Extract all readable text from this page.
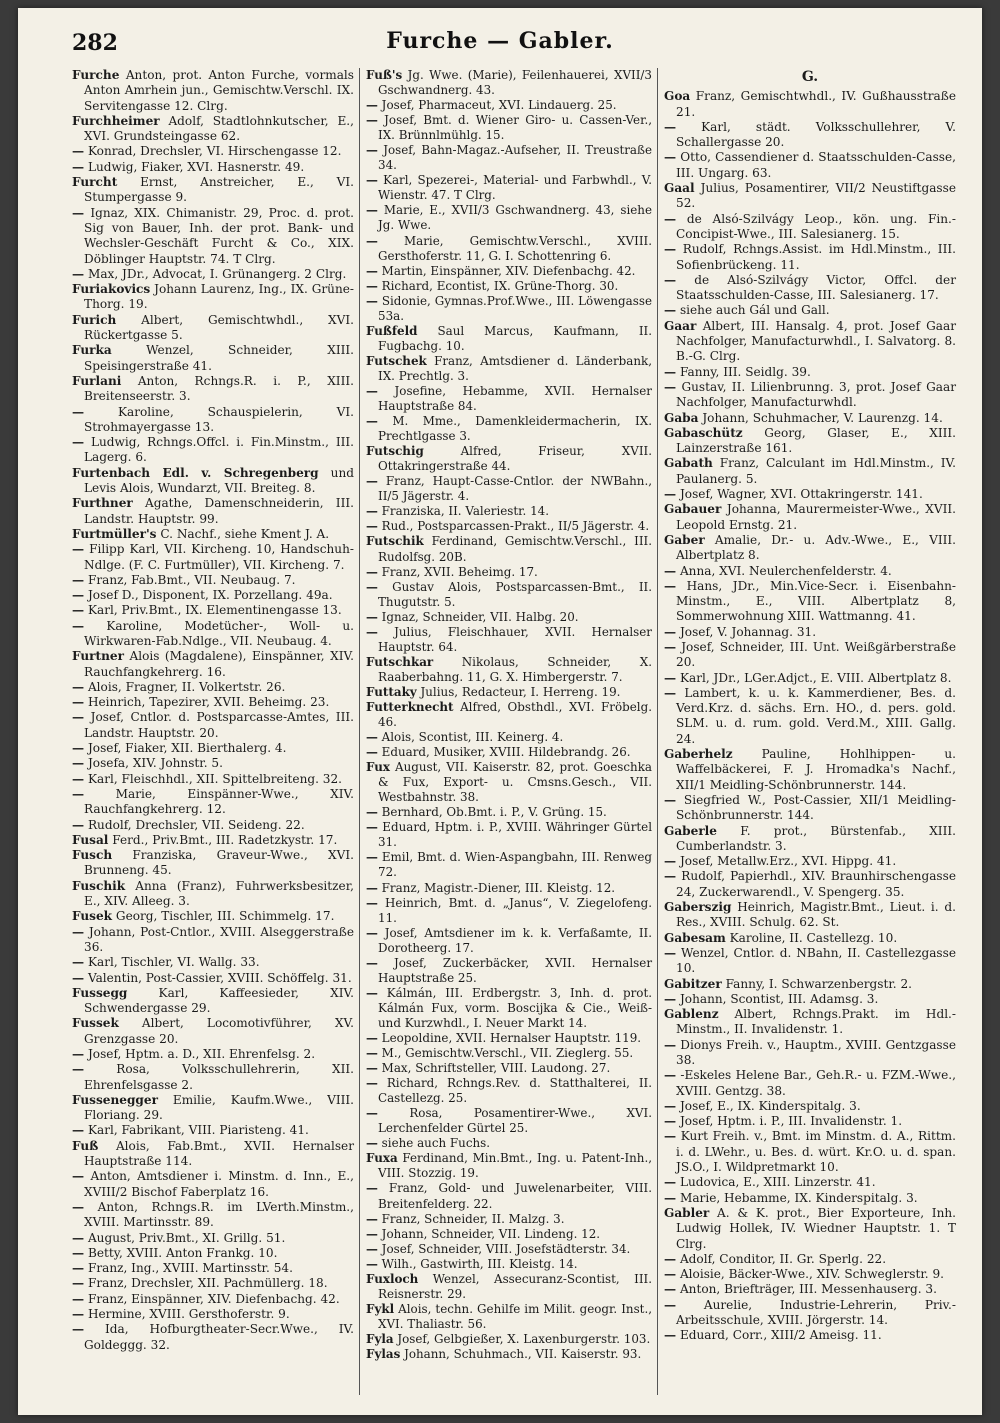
282	Furche — Gabler.

Furche Anton, prot. Anton Furche, vormals Anton Amrhein jun., Gemischtw.Verschl. IX. Servitengasse 12. Clrg.

Furchheimer Adolf, Stadtlohnkutscher, E., XVI. Grundsteingasse 62.

— Konrad, Drechsler, VI. Hirschengasse 12.

— Ludwig, Fiaker, XVI. Hasnerstr. 49.

Furcht Ernst, Anstreicher, E., VI. Stumpergasse 9.

— Ignaz, XIX. Chimanistr. 29, Proc. d. prot. Sig von Bauer, Inh. der prot. Bank- und Wechsler-Geschäft Furcht & Co., XIX. Döblinger Hauptstr. 74. T Clrg.

— Max, JDr., Advocat, I. Grünangerg. 2 Clrg.

Furiakovics Johann Laurenz, Ing., IX. Grüne-Thorg. 19.

Furich Albert, Gemischtwhdl., XVI. Rückertgasse 5.

Furka	Wenzel, Schneider, XIII. Speisingerstraße 41.

Furlani Anton, Rchngs.R. i. P., XIII. Breitenseerstr. 3.

—	Karoline, Schauspielerin, VI. Strohmayergasse 13.

— Ludwig, Rchngs.Offcl. i. Fin.Minstm., III. Lagerg. 6.

Furtenbach Edl. v. Schregenberg und Levis Alois, Wundarzt, VII. Breiteg. 8.

Furthner Agathe, Damenschneiderin, III. Landstr. Hauptstr. 99.

Furtmüller's C. Nachf., siehe Kment J. A.

— Filipp Karl, VII. Kircheng. 10, Handschuh-Ndlge. (F. C. Furtmüller), VII. Kircheng. 7.

— Franz, Fab.Bmt., VII. Neubaug. 7.

— Josef D., Disponent, IX. Porzellang. 49a.

— Karl, Priv.Bmt., IX. Elementinengasse 13.

— Karoline, Modetücher-, Woll- u. Wirkwaren-Fab.Ndlge., VII. Neubaug. 4.

Furtner Alois (Magdalene), Einspänner, XIV. Rauchfangkehrerg. 16.

— Alois, Fragner, II. Volkertstr. 26.

— Heinrich, Tapezirer, XVII. Beheimg. 23.

— Josef, Cntlor. d. Postsparcasse-Amtes, III. Landstr. Hauptstr. 20.

— Josef, Fiaker, XII. Bierthalerg. 4.

— Josefa, XIV. Johnstr. 5.

— Karl, Fleischhdl., XII. Spittelbreiteng. 32.

—	Marie, Einspänner-Wwe., XIV. Rauchfangkehrerg. 12.

— Rudolf, Drechsler, VII. Seideng. 22.

Fusal Ferd., Priv.Bmt., III. Radetzkystr. 17.

Fusch Franziska, Graveur-Wwe., XVI. Brunneng. 45.

Fuschik Anna (Franz), Fuhrwerksbesitzer, E., XIV. Alleeg. 3.

Fusek Georg, Tischler, III. Schimmelg. 17.

— Johann, Post-Cntlor., XVIII. Alseggerstraße 36.

— Karl, Tischler, VI. Wallg. 33.

— Valentin, Post-Cassier, XVIII. Schöffelg. 31.

Fussegg	Karl, Kaffeesieder, XIV. Schwendergasse 29.

Fussek Albert, Locomotivführer, XV. Grenzgasse 20.

— Josef, Hptm. a. D., XII. Ehrenfelsg. 2.

—	Rosa, Volksschullehrerin, XII. Ehrenfelsgasse 2.

Fussenegger Emilie, Kaufm.Wwe., VIII. Floriang. 29.

— Karl, Fabrikant, VIII. Piaristeng. 41.

Fuß Alois, Fab.Bmt., XVII. Hernalser Hauptstraße 114.

— Anton, Amtsdiener i. Minstm. d. Inn., E., XVIII/2 Bischof Faberplatz 16.

— Anton, Rchngs.R. im LVerth.Minstm., XVIII. Martinsstr. 89.

— August, Priv.Bmt., XI. Grillg. 51.

— Betty, XVIII. Anton Frankg. 10.

— Franz, Ing., XVIII. Martinsstr. 54.

— Franz, Drechsler, XII. Pachmüllerg. 18.

— Franz, Einspänner, XIV. Diefenbachg. 42.

— Hermine, XVIII. Gersthoferstr. 9.

— Ida, Hofburgtheater-Secr.Wwe., IV. Goldeggg. 32.

Fuß's Jg. Wwe. (Marie), Feilenhauerei, XVII/3 Gschwandnerg. 43.

— Josef, Pharmaceut, XVI. Lindauerg. 25.

— Josef, Bmt. d. Wiener Giro- u. Cassen-Ver., IX. Brünnlmühlg. 15.

— Josef, Bahn-Magaz.-Aufseher, II. Treustraße 34.

— Karl, Spezerei-, Material- und Farbwhdl., V. Wienstr. 47. T Clrg.

— Marie, E., XVII/3 Gschwandnerg. 43, siehe Jg. Wwe.

— Marie, Gemischtw.Verschl., XVIII. Gersthoferstr. 11, G. I. Schottenring 6.

— Martin, Einspänner, XIV. Diefenbachg. 42.

— Richard, Econtist, IX. Grüne-Thorg. 30.

— Sidonie, Gymnas.Prof.Wwe., III. Löwengasse 53a.

Fußfeld Saul Marcus, Kaufmann, II. Fugbachg. 10.

Futschek Franz, Amtsdiener d. Länderbank, IX. Prechtlg. 3.

— Josefine, Hebamme, XVII. Hernalser Hauptstraße 84.

— M. Mme., Damenkleidermacherin, IX. Prechtlgasse 3.

Futschig	Alfred, Friseur, XVII. Ottakringerstraße 44.

— Franz, Haupt-Casse-Cntlor. der NWBahn., II/5 Jägerstr. 4.

— Franziska, II. Valeriestr. 14.

— Rud., Postsparcassen-Prakt., II/5 Jägerstr. 4.

Futschik Ferdinand, Gemischtw.Verschl., III. Rudolfsg. 20B.

— Franz, XVII. Beheimg. 17.

— Gustav Alois, Postsparcassen-Bmt., II. Thugutstr. 5.

— Ignaz, Schneider, VII. Halbg. 20.

— Julius, Fleischhauer, XVII. Hernalser Hauptstr. 64.

Futschkar Nikolaus, Schneider, X. Raaberbahng. 11, G. X. Himbergerstr. 7.

Futtaky Julius, Redacteur, I. Herreng. 19.

Futterknecht Alfred, Obsthdl., XVI. Fröbelg. 46.

— Alois, Scontist, III. Keinerg. 4.

— Eduard, Musiker, XVIII. Hildebrandg. 26.

Fux August, VII. Kaiserstr. 82, prot. Goeschka & Fux, Export- u. Cmsns.Gesch., VII. Westbahnstr. 38.

— Bernhard, Ob.Bmt. i. P., V. Grüng. 15.

— Eduard, Hptm. i. P., XVIII. Währinger Gürtel 31.

— Emil, Bmt. d. Wien-Aspangbahn, III. Renweg 72.

— Franz, Magistr.-Diener, III. Kleistg. 12.

— Heinrich, Bmt. d. „Janus“, V. Ziegelofeng. 11.

— Josef, Amtsdiener im k. k. Verfaßamte, II. Dorotheerg. 17.

— Josef, Zuckerbäcker, XVII. Hernalser Hauptstraße 25.

— Kálmán, III. Erdbergstr. 3, Inh. d. prot. Kálmán Fux, vorm. Boscijka & Cie., Weiß- und Kurzwhdl., I. Neuer Markt 14.

— Leopoldine, XVII. Hernalser Hauptstr. 119.

— M., Gemischtw.Verschl., VII. Zieglerg. 55.

— Max, Schriftsteller, VIII. Laudong. 27.

— Richard, Rchngs.Rev. d. Statthalterei, II. Castellezg. 25.

—	Rosa, Posamentirer-Wwe., XVI. Lerchenfelder Gürtel 25.

— siehe auch Fuchs.

Fuxa Ferdinand, Min.Bmt., Ing. u. Patent-Inh., VIII. Stozzig. 19.

— Franz, Gold- und Juwelenarbeiter, VIII. Breitenfelderg. 22.

— Franz, Schneider, II. Malzg. 3.

— Johann, Schneider, VII. Lindeng. 12.

— Josef, Schneider, VIII. Josefstädterstr. 34.

— Wilh., Gastwirth, III. Kleistg. 14.

Fuxloch Wenzel, Assecuranz-Scontist, III. Reisnerstr. 29.

Fykl Alois, techn. Gehilfe im Milit. geogr. Inst., XVI. Thaliastr. 56.

Fyla Josef, Gelbgießer, X. Laxenburgerstr. 103.

Fylas Johann, Schuhmach., VII. Kaiserstr. 93.

G.

Goa Franz, Gemischtwhdl., IV. Gußhausstraße 21.

— Karl, städt. Volksschullehrer, V. Schallergasse 20.

— Otto, Cassendiener d. Staatsschulden-Casse, III. Ungarg. 63.

Gaal Julius, Posamentirer, VII/2 Neustiftgasse 52.

— de Alsó-Szilvágy Leop., kön. ung. Fin.-Concipist-Wwe., III. Salesianerg. 15.

— Rudolf, Rchngs.Assist. im Hdl.Minstm., III. Sofienbrückeng. 11.

— de Alsó-Szilvágy Victor, Offcl. der Staatsschulden-Casse, III. Salesianerg. 17.

— siehe auch Gál und Gall.

Gaar Albert, III. Hansalg. 4, prot. Josef Gaar Nachfolger, Manufacturwhdl., I. Salvatorg. 8. B.-G. Clrg.

— Fanny, III. Seidlg. 39.

— Gustav, II. Lilienbrunng. 3, prot. Josef Gaar Nachfolger, Manufacturwhdl.

Gaba Johann, Schuhmacher, V. Laurenzg. 14.

Gabaschütz Georg, Glaser, E., XIII. Lainzerstraße 161.

Gabath Franz, Calculant im Hdl.Minstm., IV. Paulanerg. 5.

— Josef, Wagner, XVI. Ottakringerstr. 141.

Gabauer Johanna, Maurermeister-Wwe., XVII. Leopold Ernstg. 21.

Gaber Amalie, Dr.- u. Adv.-Wwe., E., VIII. Albertplatz 8.

— Anna, XVI. Neulerchenfelderstr. 4.

— Hans, JDr., Min.Vice-Secr. i. Eisenbahn-Minstm., E., VIII. Albertplatz 8, Sommerwohnung XIII. Wattmanng. 41.

— Josef, V. Johannag. 31.

— Josef, Schneider, III. Unt. Weißgärberstraße 20.

— Karl, JDr., LGer.Adjct., E. VIII. Albertplatz 8.

— Lambert, k. u. k. Kammerdiener, Bes. d. Verd.Krz. d. sächs. Ern. HO., d. pers. gold. SLM. u. d. rum. gold. Verd.M., XIII. Gallg. 24.

Gaberhelz Pauline, Hohlhippen- u. Waffelbäckerei, F. J. Hromadka's Nachf., XII/1 Meidling-Schönbrunnerstr. 144.

— Siegfried W., Post-Cassier, XII/1 Meidling-Schönbrunnerstr. 144.

Gaberle F. prot., Bürstenfab., XIII. Cumberlandstr. 3.

— Josef, Metallw.Erz., XVI. Hippg. 41.

— Rudolf, Papierhdl., XIV. Braunhirschengasse 24, Zuckerwarendl., V. Spengerg. 35.

Gaberszig Heinrich, Magistr.Bmt., Lieut. i. d. Res., XVIII. Schulg. 62. St.

Gabesam Karoline, II. Castellezg. 10.

— Wenzel, Cntlor. d. NBahn, II. Castellezgasse 10.

Gabitzer Fanny, I. Schwarzenbergstr. 2.

— Johann, Scontist, III. Adamsg. 3.

Gablenz Albert, Rchngs.Prakt. im Hdl.-Minstm., II. Invalidenstr. 1.

— Dionys Freih. v., Hauptm., XVIII. Gentzgasse 38.

— -Eskeles Helene Bar., Geh.R.- u. FZM.-Wwe., XVIII. Gentzg. 38.

— Josef, E., IX. Kinderspitalg. 3.

— Josef, Hptm. i. P., III. Invalidenstr. 1.

— Kurt Freih. v., Bmt. im Minstm. d. A., Rittm. i. d. LWehr., u. Bes. d. würt. Kr.O. u. d. span. JS.O., I. Wildpretmarkt 10.

— Ludovica, E., XIII. Linzerstr. 41.

— Marie, Hebamme, IX. Kinderspitalg. 3.

Gabler A. & K. prot., Bier Exporteure, Inh. Ludwig Hollek, IV. Wiedner Hauptstr. 1. T Clrg.

— Adolf, Conditor, II. Gr. Sperlg. 22.

— Aloisie, Bäcker-Wwe., XIV. Schweglerstr. 9.

— Anton, Briefträger, III. Messenhauserg. 3.

— Aurelie, Industrie-Lehrerin, Priv.-Arbeitsschule, XVIII. Jörgerstr. 14.

— Eduard, Corr., XIII/2 Ameisg. 11.
